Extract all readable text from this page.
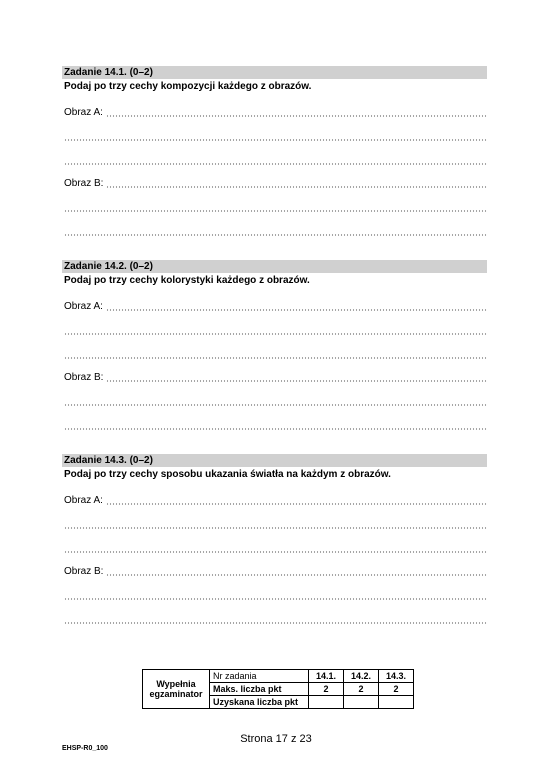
Zadanie 14.1. (0–2)
Podaj po trzy cechy kompozycji każdego z obrazów.
Obraz A:
Obraz B:
Zadanie 14.2. (0–2)
Podaj po trzy cechy kolorystyki każdego z obrazów.
Obraz A:
Obraz B:
Zadanie 14.3. (0–2)
Podaj po trzy cechy sposobu ukazania światła na każdym z obrazów.
Obraz A:
Obraz B:
Wypełnia
egzaminator	Nr zadania	14.1.	14.2.	14.3.
	Maks. liczba pkt	2	2	2
	Uzyskana liczba pkt			
Strona 17 z 23
EHSP-R0_100
